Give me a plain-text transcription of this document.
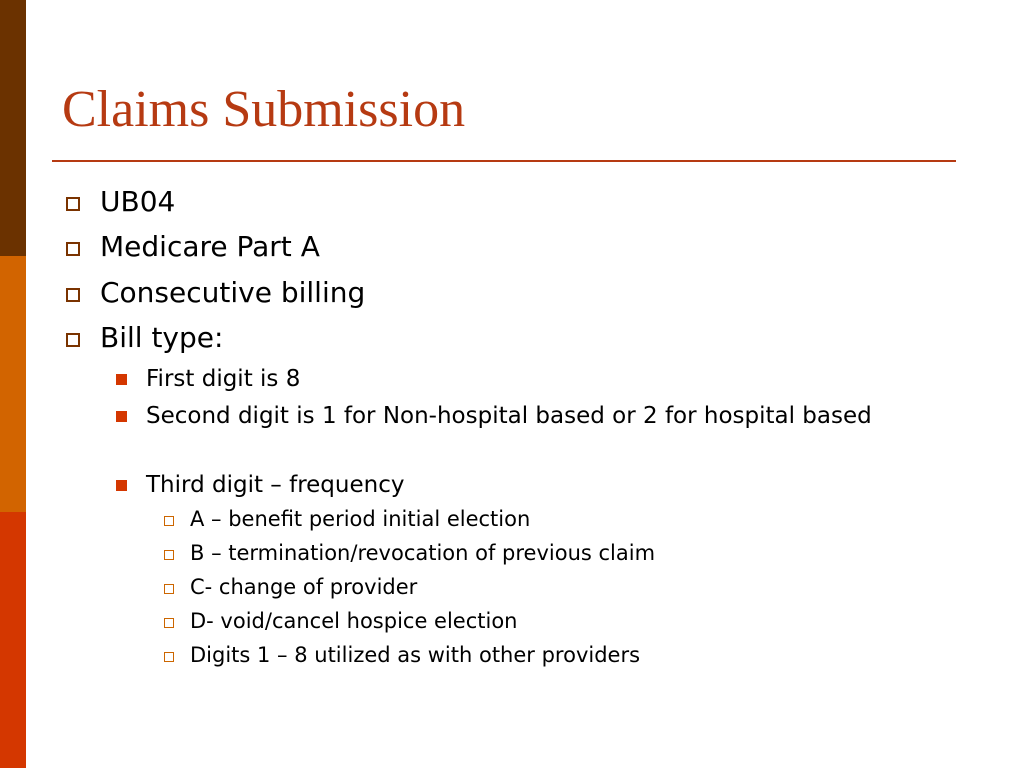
Claims Submission

UB04

Medicare Part A

Consecutive billing

Bill type:

First digit is 8

Second digit is 1 for Non-hospital based or 2 for hospital based

Third digit – frequency

A – benefit period initial election

B – termination/revocation of previous claim

C- change of provider

D- void/cancel hospice election

Digits 1 – 8 utilized as with other providers
